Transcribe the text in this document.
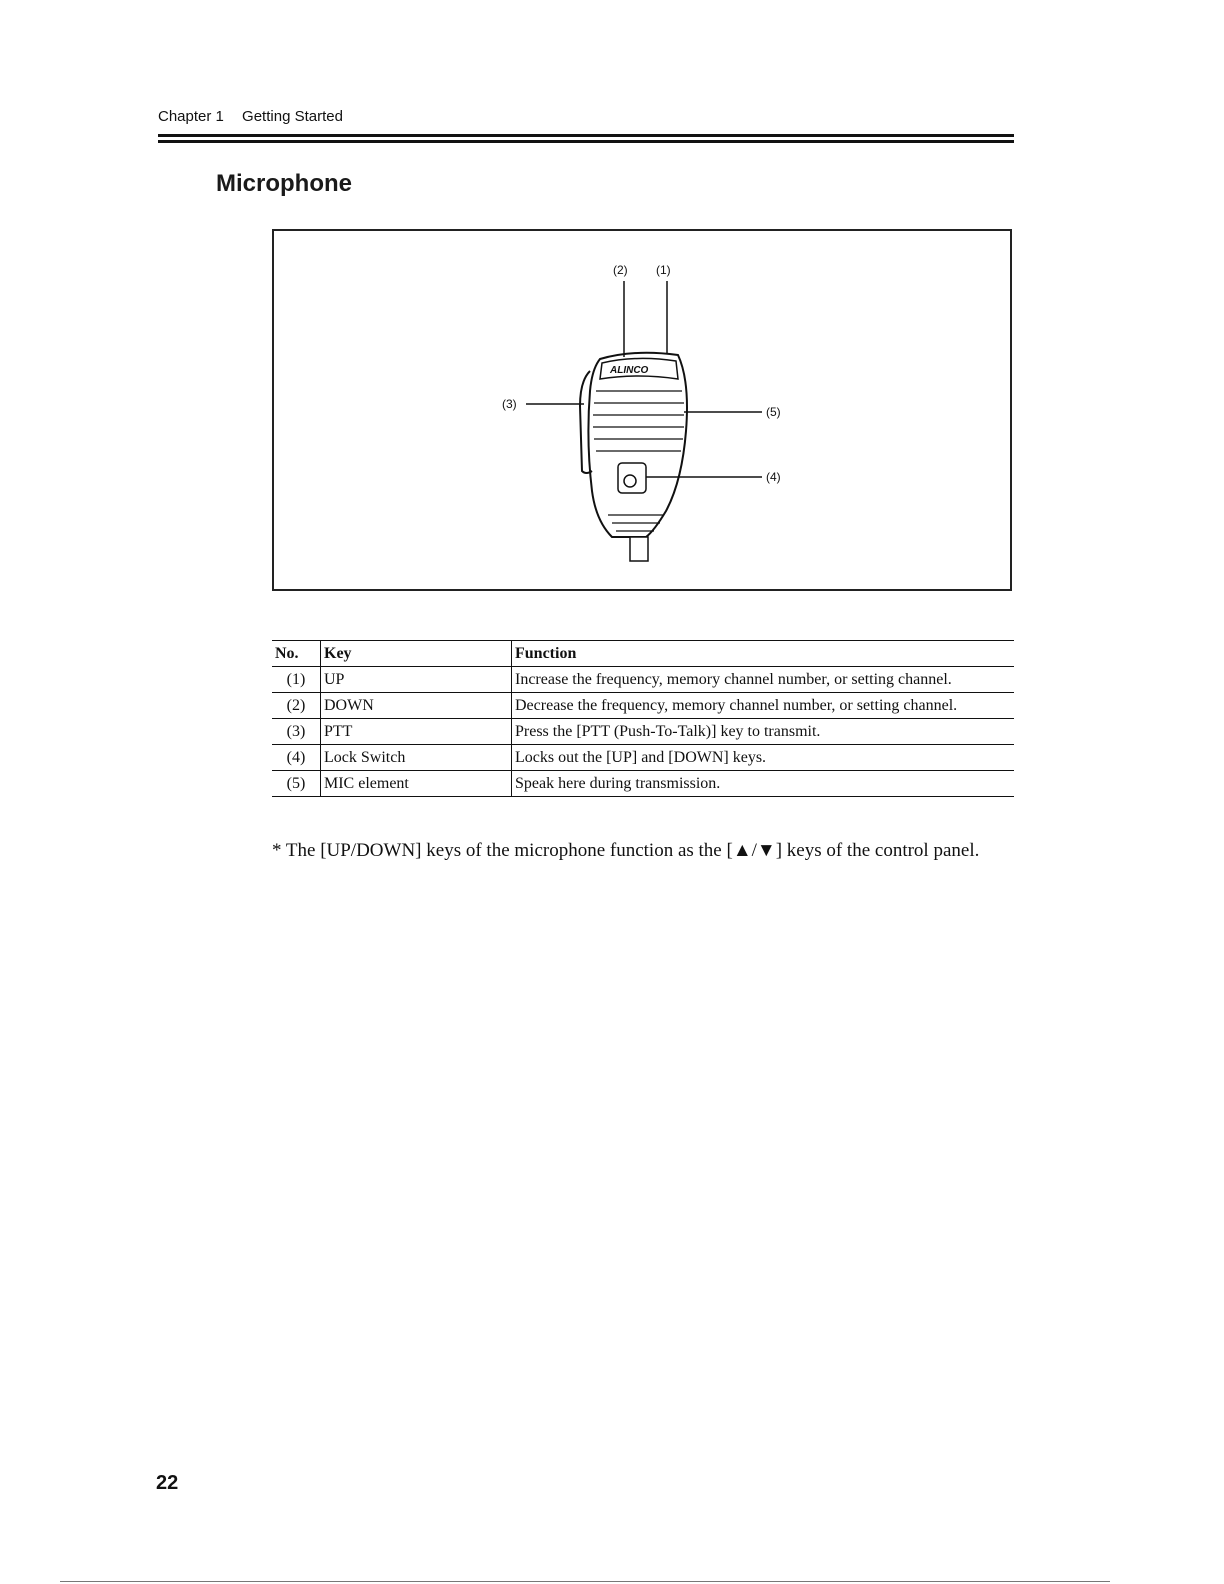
Chapter 1 Getting Started
Microphone
ALINCO
(2) (1)
(3)
(5)
(4)
No.	Key	Function
(1)	UP	Increase the frequency, memory channel number, or setting channel.
(2)	DOWN	Decrease the frequency, memory channel number, or setting channel.
(3)	PTT	Press the [PTT (Push-To-Talk)] key to transmit.
(4)	Lock Switch	Locks out the [UP] and [DOWN] keys.
(5)	MIC element	Speak here during transmission.
* The [UP/DOWN] keys of the microphone function as the [▲/▼] keys of the control panel.
22
